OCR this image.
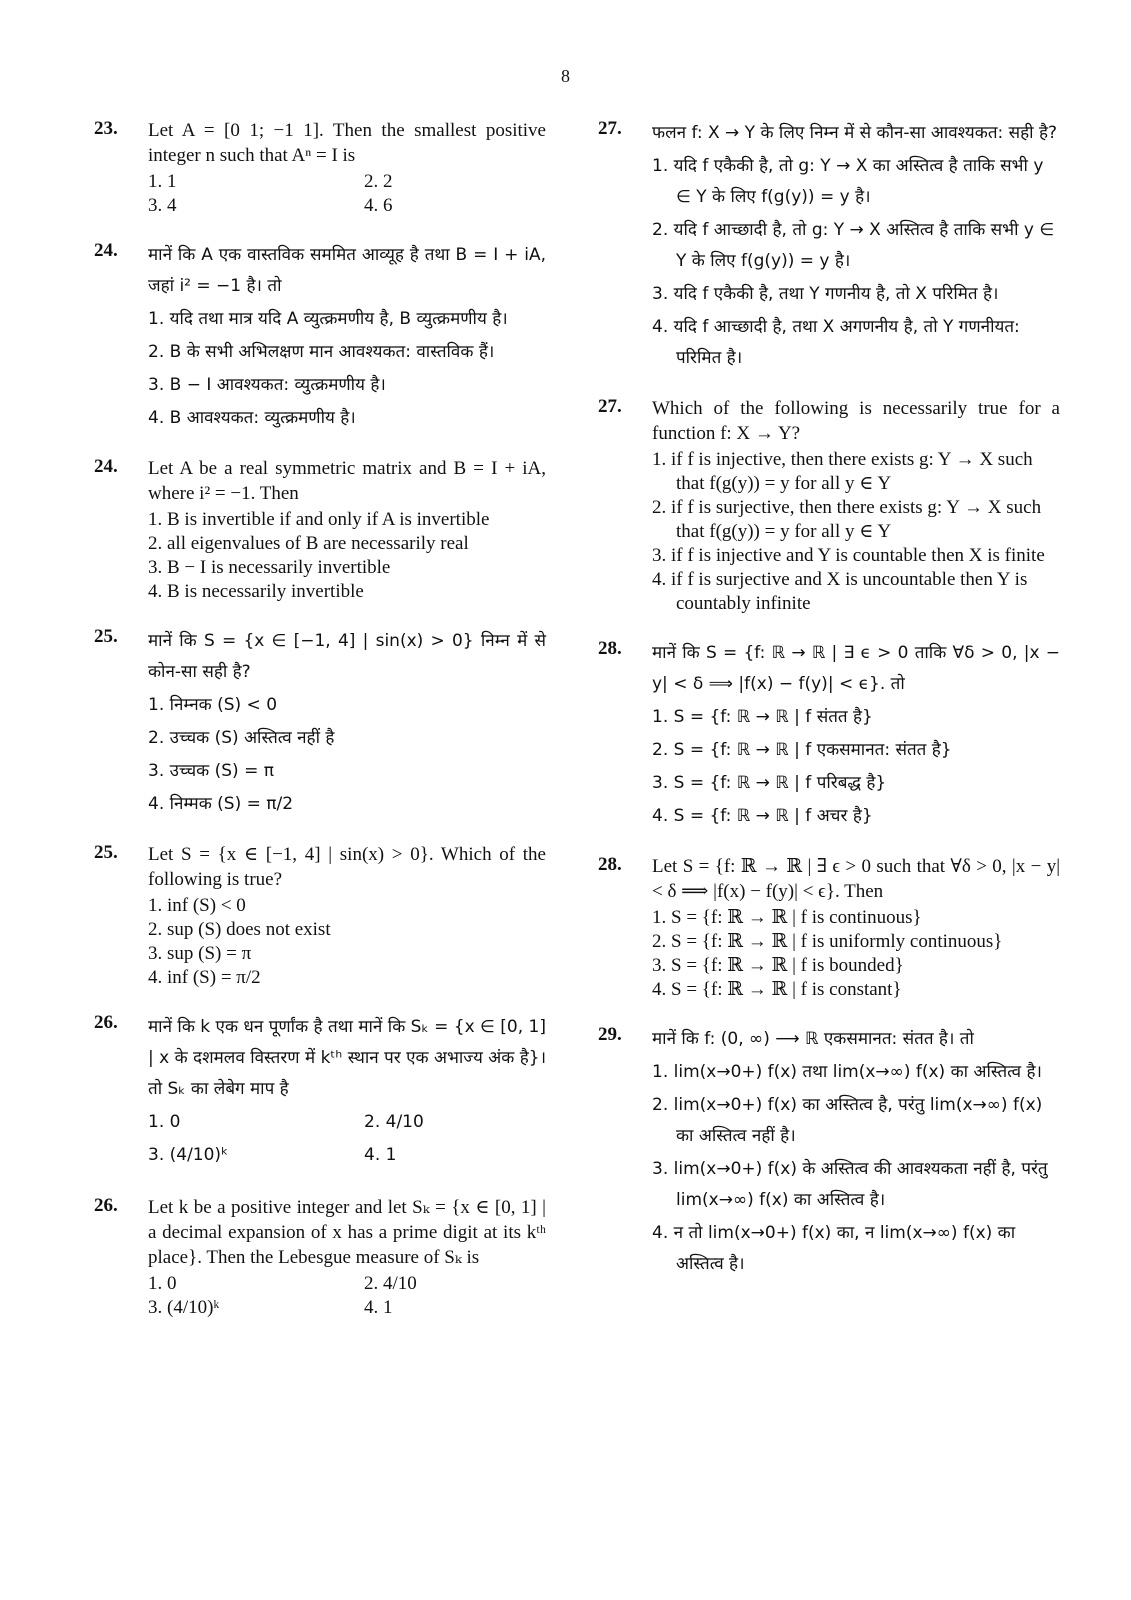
8
23. Let A = [0 1; −1 1]. Then the smallest positive integer n such that Aⁿ = I is
1. 1	2. 2
3. 4	4. 6
24. मानें कि A एक वास्तविक सममित आव्यूह है तथा B = I + iA, जहां i² = −1 है। तो
1. यदि तथा मात्र यदि A व्युत्क्रमणीय है, B व्युत्क्रमणीय है।
2. B के सभी अभिलक्षण मान आवश्यकत: वास्तविक हैं।
3. B − I आवश्यकत: व्युत्क्रमणीय है।
4. B आवश्यकत: व्युत्क्रमणीय है।
24. Let A be a real symmetric matrix and B = I + iA, where i² = −1. Then
1. B is invertible if and only if A is invertible
2. all eigenvalues of B are necessarily real
3. B − I is necessarily invertible
4. B is necessarily invertible
25. मानें कि S = {x ∈ [−1, 4] | sin(x) > 0} निम्न में से कोन-सा सही है?
1. निम्नक (S) < 0
2. उच्चक (S) अस्तित्व नहीं है
3. उच्चक (S) = π
4. निम्मक (S) = π/2
25. Let S = {x ∈ [−1, 4] | sin(x) > 0}. Which of the following is true?
1. inf (S) < 0
2. sup (S) does not exist
3. sup (S) = π
4. inf (S) = π/2
26. मानें कि k एक धन पूर्णांक है तथा मानें कि Sₖ = {x ∈ [0, 1] | x के दशमलव विस्तरण में kᵗʰ स्थान पर एक अभाज्य अंक है}। तो Sₖ का लेबेग माप है
1. 0	2. 4/10
3. (4/10)ᵏ	4. 1
26. Let k be a positive integer and let Sₖ = {x ∈ [0, 1] | a decimal expansion of x has a prime digit at its kᵗʰ place}. Then the Lebesgue measure of Sₖ is
1. 0	2. 4/10
3. (4/10)ᵏ	4. 1
27. फलन f: X → Y के लिए निम्न में से कौन-सा आवश्यकत: सही है?
1. यदि f एकैकी है, तो g: Y → X का अस्तित्व है ताकि सभी y ∈ Y के लिए f(g(y)) = y है।
2. यदि f आच्छादी है, तो g: Y → X अस्तित्व है ताकि सभी y ∈ Y के लिए f(g(y)) = y है।
3. यदि f एकैकी है, तथा Y गणनीय है, तो X परिमित है।
4. यदि f आच्छादी है, तथा X अगणनीय है, तो Y गणनीयत: परिमित है।
27. Which of the following is necessarily true for a function f: X → Y?
1. if f is injective, then there exists g: Y → X such that f(g(y)) = y for all y ∈ Y
2. if f is surjective, then there exists g: Y → X such that f(g(y)) = y for all y ∈ Y
3. if f is injective and Y is countable then X is finite
4. if f is surjective and X is uncountable then Y is countably infinite
28. मानें कि S = {f: ℝ → ℝ | ∃ ϵ > 0 ताकि ∀δ > 0, |x − y| < δ ⟹ |f(x) − f(y)| < ϵ}. तो
1. S = {f: ℝ → ℝ | f संतत है}
2. S = {f: ℝ → ℝ | f एकसमानत: संतत है}
3. S = {f: ℝ → ℝ | f परिबद्ध है}
4. S = {f: ℝ → ℝ | f अचर है}
28. Let S = {f: ℝ → ℝ | ∃ ϵ > 0 such that ∀δ > 0, |x − y| < δ ⟹ |f(x) − f(y)| < ϵ}. Then
1. S = {f: ℝ → ℝ | f is continuous}
2. S = {f: ℝ → ℝ | f is uniformly continuous}
3. S = {f: ℝ → ℝ | f is bounded}
4. S = {f: ℝ → ℝ | f is constant}
29. मानें कि f: (0, ∞) ⟶ ℝ एकसमानत: संतत है। तो
1. lim(x→0+) f(x) तथा lim(x→∞) f(x) का अस्तित्व है।
2. lim(x→0+) f(x) का अस्तित्व है, परंतु lim(x→∞) f(x) का अस्तित्व नहीं है।
3. lim(x→0+) f(x) के अस्तित्व की आवश्यकता नहीं है, परंतु lim(x→∞) f(x) का अस्तित्व है।
4. न तो lim(x→0+) f(x) का, न lim(x→∞) f(x) का अस्तित्व है।
